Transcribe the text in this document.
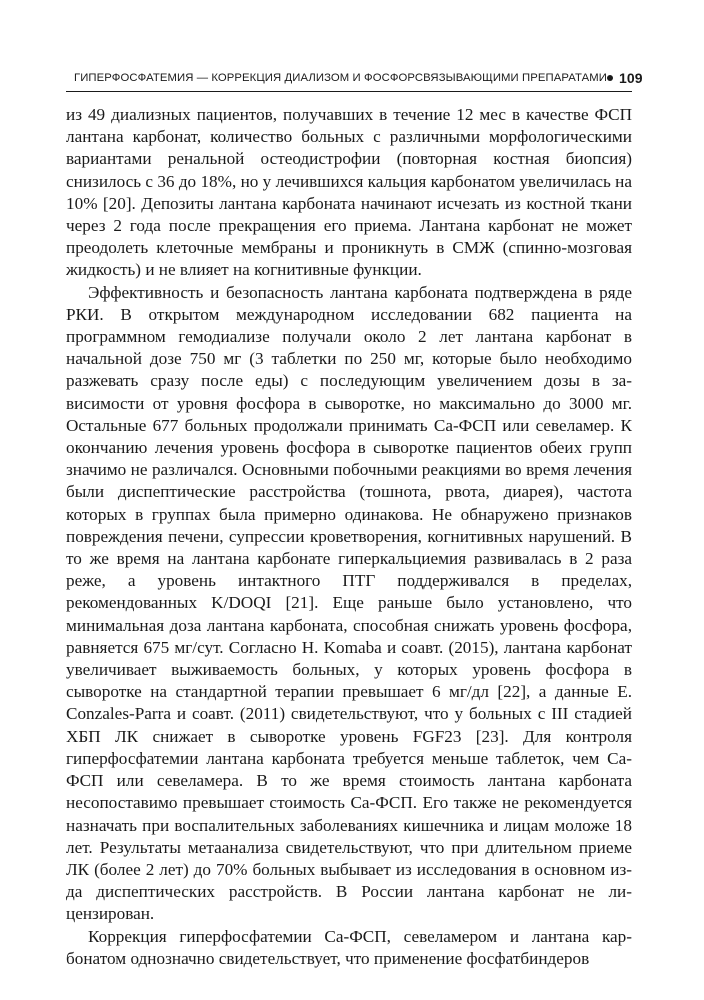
ГИПЕРФОСФАТЕМИЯ — КОРРЕКЦИЯ ДИАЛИЗОМ И ФОСФОРСВЯЗЫВАЮЩИМИ ПРЕПАРАТАМИ 109

из 49 диализных пациентов, получавших в течение 12 мес в качестве ФСП лантана карбонат, количество больных с различными морфологическими вариантами ренальной остеодистрофии (повторная костная биопсия) снизилось с 36 до 18%, но у лечившихся кальция карбонатом увеличилась на 10% [20]. Депозиты лантана карбоната начинают исчезать из костной ткани через 2 года после прекращения его приема. Лантана карбонат не может преодолеть клеточные мембраны и проникнуть в СМЖ (спинно-мозговая жидкость) и не влияет на когнитивные функции.

Эффективность и безопасность лантана карбоната подтверждена в ряде РКИ. В открытом международном исследовании 682 пациента на программном гемодиализе получали около 2 лет лантана карбонат в начальной дозе 750 мг (3 таблетки по 250 мг, которые было необходимо разжевать сразу после еды) с последующим увеличением дозы в зависимости от уровня фосфора в сыворотке, но максимально до 3000 мг. Остальные 677 больных продолжали принимать Са-ФСП или севеламер. К окончанию лечения уровень фосфора в сыворотке пациентов обеих групп значимо не различался. Основными побочными реакциями во время лечения были диспептические расстройства (тошнота, рвота, диарея), частота которых в группах была примерно одинакова. Не обнаружено признаков повреждения печени, супрессии кроветворения, когнитивных нарушений. В то же время на лантана карбонате гиперкальциемия развивалась в 2 раза реже, а уровень интактного ПТГ поддерживался в пределах, рекомендованных K/DOQI [21]. Еще раньше было установлено, что минимальная доза лантана карбоната, способная снижать уровень фосфора, равняется 675 мг/сут. Согласно H. Komaba и соавт. (2015), лантана карбонат увеличивает выживаемость больных, у которых уровень фосфора в сыворотке на стандартной терапии превышает 6 мг/дл [22], а данные E. Conzales-Parra и соавт. (2011) свидетельствуют, что у больных с III стадией ХБП ЛК снижает в сыворотке уровень FGF23 [23]. Для контроля гиперфосфатемии лантана карбоната требуется меньше таблеток, чем Са-ФСП или севеламера. В то же время стоимость лантана карбоната несопоставимо превышает стоимость Са-ФСП. Его также не рекомендуется назначать при воспалительных заболеваниях кишечника и лицам моложе 18 лет. Результаты метаанализа свидетельствуют, что при длительном приеме ЛК (более 2 лет) до 70% больных выбывает из исследования в основном из-да диспептических расстройств. В России лантана карбонат не лицензирован.

Коррекция гиперфосфатемии Са-ФСП, севеламером и лантана карбонатом однозначно свидетельствует, что применение фосфатбиндеров
